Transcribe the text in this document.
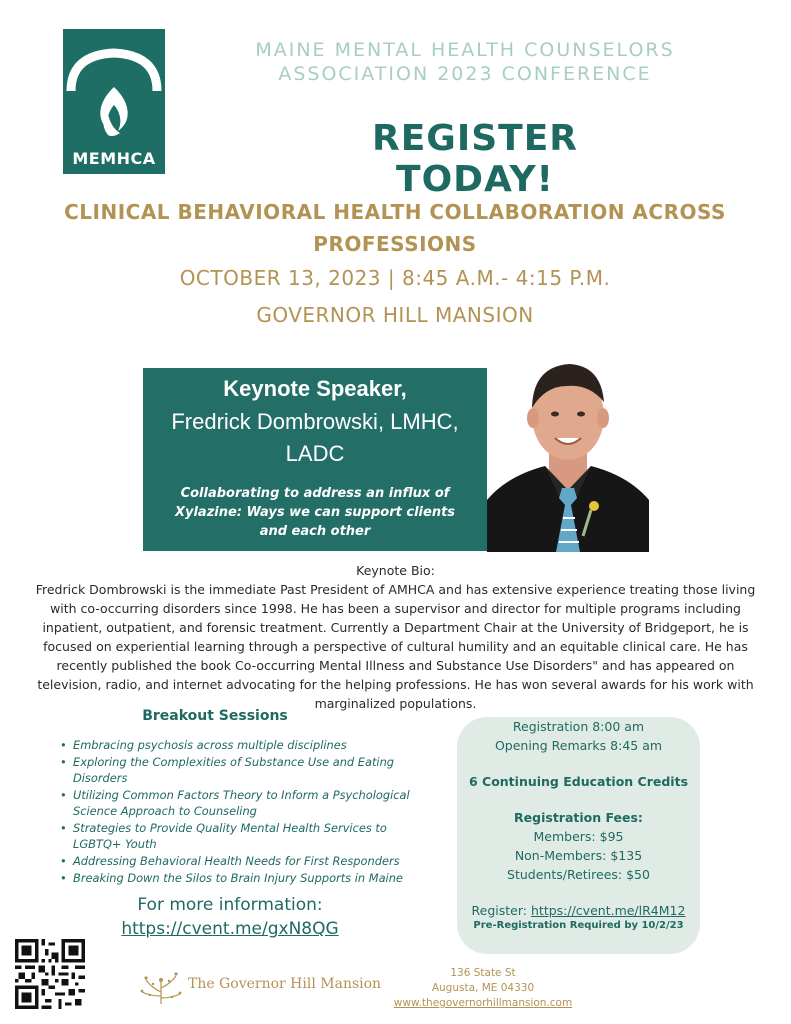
MEMHCA
MAINE MENTAL HEALTH COUNSELORS
ASSOCIATION 2023 CONFERENCE
REGISTER TODAY!
CLINICAL BEHAVIORAL HEALTH COLLABORATION ACROSS
PROFESSIONS
OCTOBER 13, 2023 | 8:45 A.M.- 4:15 P.M.
GOVERNOR HILL MANSION
Keynote Speaker,
Fredrick Dombrowski, LMHC, LADC
Collaborating to address an influx of Xylazine: Ways we can support clients and each other
Keynote Bio:
Fredrick Dombrowski is the immediate Past President of AMHCA and has extensive experience treating those living with co-occurring disorders since 1998. He has been a supervisor and director for multiple programs including inpatient, outpatient, and forensic treatment. Currently a Department Chair at the University of Bridgeport, he is focused on experiential learning through a perspective of cultural humility and an equitable clinical care. He has recently published the book Co-occurring Mental Illness and Substance Use Disorders" and has appeared on television, radio, and internet advocating for the helping professions. He has won several awards for his work with marginalized populations.
Breakout Sessions
• Embracing psychosis across multiple disciplines
• Exploring the Complexities of Substance Use and Eating Disorders
• Utilizing Common Factors Theory to Inform a Psychological Science Approach to Counseling
• Strategies to Provide Quality Mental Health Services to LGBTQ+ Youth
• Addressing Behavioral Health Needs for First Responders
• Breaking Down the Silos to Brain Injury Supports in Maine
For more information:
https://cvent.me/gxN8QG
The Governor Hill Mansion
136 State St
Augusta, ME 04330
www.thegovernorhillmansion.com
Registration 8:00 am
Opening Remarks 8:45 am
6 Continuing Education Credits
Registration Fees:
Members: $95
Non-Members: $135
Students/Retirees: $50
Register: https://cvent.me/lR4M12
Pre-Registration Required by 10/2/23
